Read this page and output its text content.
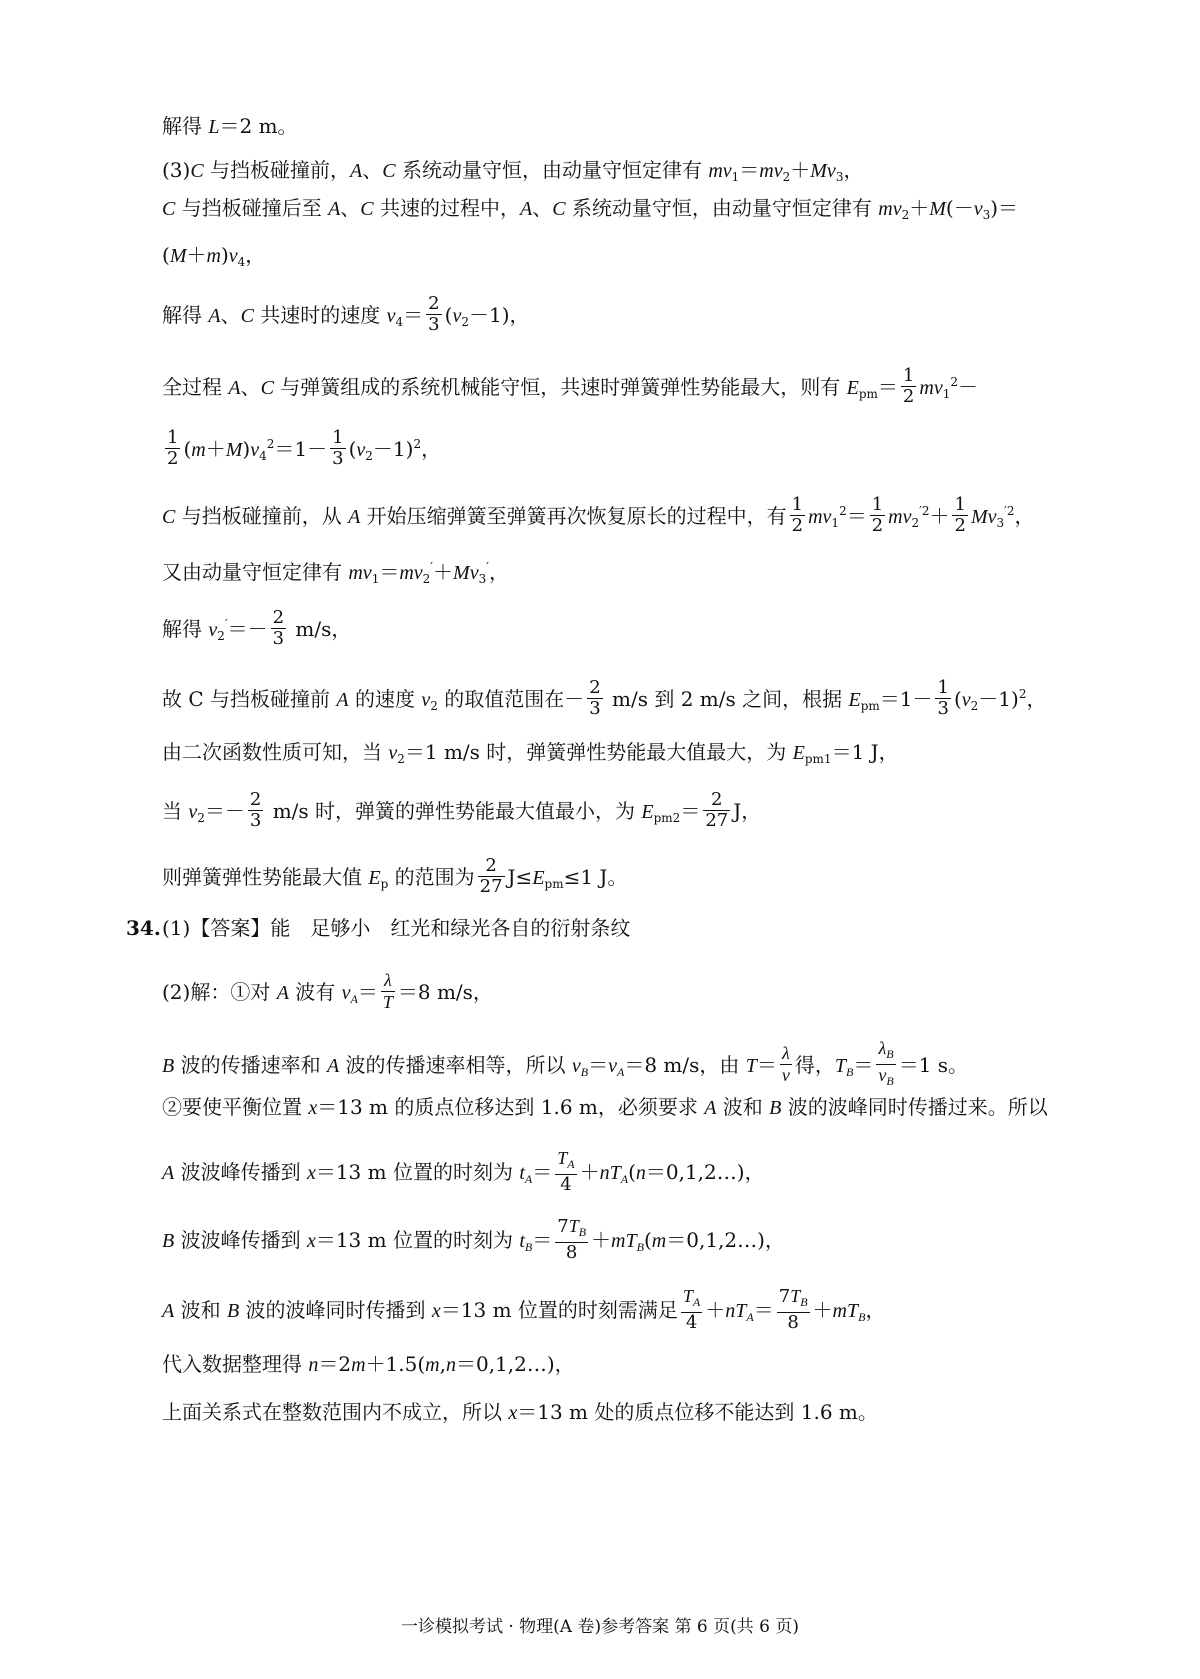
解得 L＝2 m。
(3)C 与挡板碰撞前，A、C 系统动量守恒，由动量守恒定律有 $mv_1=mv_2+Mv_3$，
C 与挡板碰撞后至 A、C 共速的过程中，A、C 系统动量守恒，由动量守恒定律有 $mv_2+M(-v_3)=$
$(M+m)v_4$，
解得 A、C 共速时的速度 $v_4= \frac{2}{3} (v_2-1)$，
全过程 A、C 与弹簧组成的系统机械能守恒，共速时弹簧弹性势能最大，则有 $E_{pm}= \frac{1}{2} mv_1^2-$
$\frac{1}{2} (m+M)v_4^2=1- \frac{1}{3} (v_2-1)^2$，
C 与挡板碰撞前，从 A 开始压缩弹簧至弹簧再次恢复原长的过程中，有 $\frac{1}{2} mv_1^2= \frac{1}{2} mv_2^{'2}+ \frac{1}{2} Mv_3^{'2}$，
又由动量守恒定律有 $mv_1=mv_2'+Mv_3'$，
解得 $v_2'=- \frac{2}{3} m/s$，
故 C 与挡板碰撞前 A 的速度 $v_2$ 的取值范围在－ $\frac{2}{3} m/s$ 到 2 m/s 之间，根据 $E_{pm}=1- \frac{1}{3} (v_2-1)^2$，
由二次函数性质可知，当 $v_2=1$ m/s 时，弹簧弹性势能最大值最大，为 $E_{pm1}=1$ J，
当 $v_2=- \frac{2}{3} m/s$ 时，弹簧的弹性势能最大值最小，为 $E_{pm2}= \frac{2}{27}$ J，
则弹簧弹性势能最大值 $E_p$ 的范围为 $\frac{2}{27} J\le E_{pm}\le 1$ J。
34. (1)【答案】能　足够小　红光和绿光各自的衍射条纹
(2)解：①对 A 波有 $v_A= \frac{\lambda}{T} =8$ m/s，
B 波的传播速率和 A 波的传播速率相等，所以 $v_B=v_A=8$ m/s，由 $T= \frac{\lambda}{v}$ 得，$T_B= \frac{\lambda_B}{v_B} =1$ s。
②要使平衡位置 x＝13 m 的质点位移达到 1.6 m，必须要求 A 波和 B 波的波峰同时传播过来。所以
A 波波峰传播到 x＝13 m 位置的时刻为 $t_A= \frac{T_A}{4}$ $+nT_A(n=0,1,2\dots)$，
B 波波峰传播到 x＝13 m 位置的时刻为 $t_B= \frac{7T_B}{8}$ $+mT_B(m=0,1,2\dots)$，
A 波和 B 波的波峰同时传播到 x＝13 m 位置的时刻需满足 $\frac{T_A}{4} +nT_A= \frac{7T_B}{8} +mT_B$，
代入数据整理得 n＝2m＋1.5(m,n＝0,1,2…)，
上面关系式在整数范围内不成立，所以 x＝13 m 处的质点位移不能达到 1.6 m。
一诊模拟考试 · 物理(A 卷)参考答案 第 6 页(共 6 页)
